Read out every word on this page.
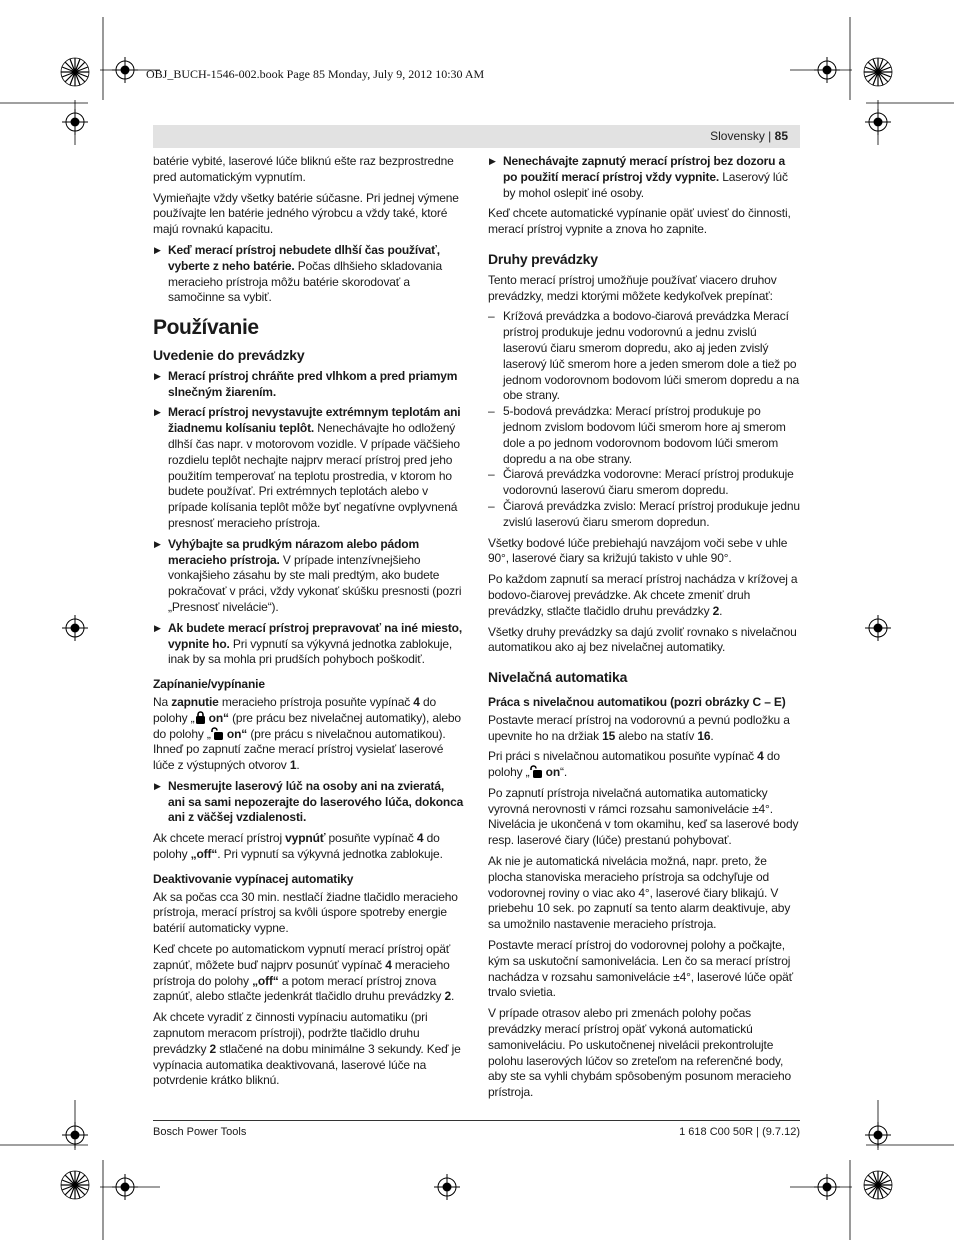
OBJ_BUCH-1546-002.book Page 85 Monday, July 9, 2012 10:30 AM
Slovensky | 85

batérie vybité, laserové lúče bliknú ešte raz bezprostredne pred automatickým vypnutím.

Vymieňajte vždy všetky batérie súčasne. Pri jednej výmene používajte len batérie jedného výrobcu a vždy také, ktoré majú rovnakú kapacitu.

▶ Keď merací prístroj nebudete dlhší čas používať, vyberte z neho batérie. Počas dlhšieho skladovania meracieho prístroja môžu batérie skorodovať a samočinne sa vybiť.
Používanie
Uvedenie do prevádzky
▶ Merací prístroj chráňte pred vlhkom a pred priamym slnečným žiarením.
▶ Merací prístroj nevystavujte extrémnym teplotám ani žiadnemu kolísaniu teplôt. Nenechávajte ho odložený dlhší čas napr. v motorovom vozidle. V prípade väčšieho rozdielu teplôt nechajte najprv merací prístroj pred jeho použitím temperovať na teplotu prostredia, v ktorom ho budete používať. Pri extrémnych teplotách alebo v prípade kolísania teplôt môže byť negatívne ovplyvnená presnosť meracieho prístroja.
▶ Vyhýbajte sa prudkým nárazom alebo pádom meracieho prístroja. V prípade intenzívnejšieho vonkajšieho zásahu by ste mali predtým, ako budete pokračovať v práci, vždy vykonať skúšku presnosti (pozri „Presnosť nivelácie“).
▶ Ak budete merací prístroj prepravovať na iné miesto, vypnite ho. Pri vypnutí sa výkyvná jednotka zablokuje, inak by sa mohla pri prudších pohyboch poškodiť.
Zapínanie/vypínanie

Na zapnutie meracieho prístroja posuňte vypínač 4 do polohy „ on“ (pre prácu bez nivelačnej automatiky), alebo do polohy „ on“ (pre prácu s nivelačnou automatikou). Ihneď po zapnutí začne merací prístroj vysielať laserové lúče z výstupných otvorov 1.

▶ Nesmerujte laserový lúč na osoby ani na zvieratá, ani sa sami nepozerajte do laserového lúča, dokonca ani z väčšej vzdialenosti.

Ak chcete merací prístroj vypnúť posuňte vypínač 4 do polohy „off“. Pri vypnutí sa výkyvná jednotka zablokuje.

Deaktivovanie vypínacej automatiky

Ak sa počas cca 30 min. nestlačí žiadne tlačidlo meracieho prístroja, merací prístroj sa kvôli úspore spotreby energie batérií automaticky vypne.

Keď chcete po automatickom vypnutí merací prístroj opäť zapnúť, môžete buď najprv posunúť vypínač 4 meracieho prístroja do polohy „off“ a potom merací prístroj znova zapnúť, alebo stlačte jedenkrát tlačidlo druhu prevádzky 2.

Ak chcete vyradiť z činnosti vypínaciu automatiku (pri zapnutom meracom prístroji), podržte tlačidlo druhu prevádzky 2 stlačené na dobu minimálne 3 sekundy. Keď je vypínacia automatika deaktivovaná, laserové lúče na potvrdenie krátko bliknú.

▶ Nenechávajte zapnutý merací prístroj bez dozoru a po použití merací prístroj vždy vypnite. Laserový lúč by mohol oslepiť iné osoby.

Keď chcete automatické vypínanie opäť uviesť do činnosti, merací prístroj vypnite a znova ho zapnite.

Druhy prevádzky

Tento merací prístroj umožňuje používať viacero druhov prevádzky, medzi ktorými môžete kedykoľvek prepínať:

– Krížová prevádzka a bodovo-čiarová prevádzka Merací prístroj produkuje jednu vodorovnú a jednu zvislú laserovú čiaru smerom dopredu, ako aj jeden zvislý laserový lúč smerom hore a jeden smerom dole a tiež po jednom vodorovnom bodovom lúči smerom dopredu a na obe strany.
– 5-bodová prevádzka: Merací prístroj produkuje po jednom zvislom bodovom lúči smerom hore aj smerom dole a po jednom vodorovnom bodovom lúči smerom dopredu a na obe strany.
– Čiarová prevádzka vodorovne: Merací prístroj produkuje vodorovnú laserovú čiaru smerom dopredu.
– Čiarová prevádzka zvislo: Merací prístroj produkuje jednu zvislú laserovú čiaru smerom dopredun.

Všetky bodové lúče prebiehajú navzájom voči sebe v uhle 90°, laserové čiary sa križujú takisto v uhle 90°.

Po každom zapnutí sa merací prístroj nachádza v krížovej a bodovo-čiarovej prevádzke. Ak chcete zmeniť druh prevádzky, stlačte tlačidlo druhu prevádzky 2.

Všetky druhy prevádzky sa dajú zvoliť rovnako s nivelačnou automatikou ako aj bez nivelačnej automatiky.

Nivelačná automatika
Práca s nivelačnou automatikou (pozri obrázky C – E)

Postavte merací prístroj na vodorovnú a pevnú podložku a upevnite ho na držiak 15 alebo na statív 16.

Pri práci s nivelačnou automatikou posuňte vypínač 4 do polohy „ on“.

Po zapnutí prístroja nivelačná automatika automaticky vyrovná nerovnosti v rámci rozsahu samonivelácie ±4°. Nivelácia je ukončená v tom okamihu, keď sa laserové body resp. laserové čiary (lúče) prestanú pohybovať.

Ak nie je automatická nivelácia možná, napr. preto, že plocha stanoviska meracieho prístroja sa odchyľuje od vodorovnej roviny o viac ako 4°, laserové čiary blikajú. V priebehu 10 sek. po zapnutí sa tento alarm deaktivuje, aby sa umožnilo nastavenie meracieho prístroja.

Postavte merací prístroj do vodorovnej polohy a počkajte, kým sa uskutoční samonivelácia. Len čo sa merací prístroj nachádza v rozsahu samonivelácie ±4°, laserové lúče opäť trvalo svietia.

V prípade otrasov alebo pri zmenách polohy počas prevádzky merací prístroj opäť vykoná automatickú samoniveláciu. Po uskutočnenej nivelácii prekontrolujte polohu laserových lúčov so zreteľom na referenčné body, aby ste sa vyhli chybám spôsobeným posunom meracieho prístroja.

Bosch Power Tools	1 618 C00 50R | (9.7.12)
